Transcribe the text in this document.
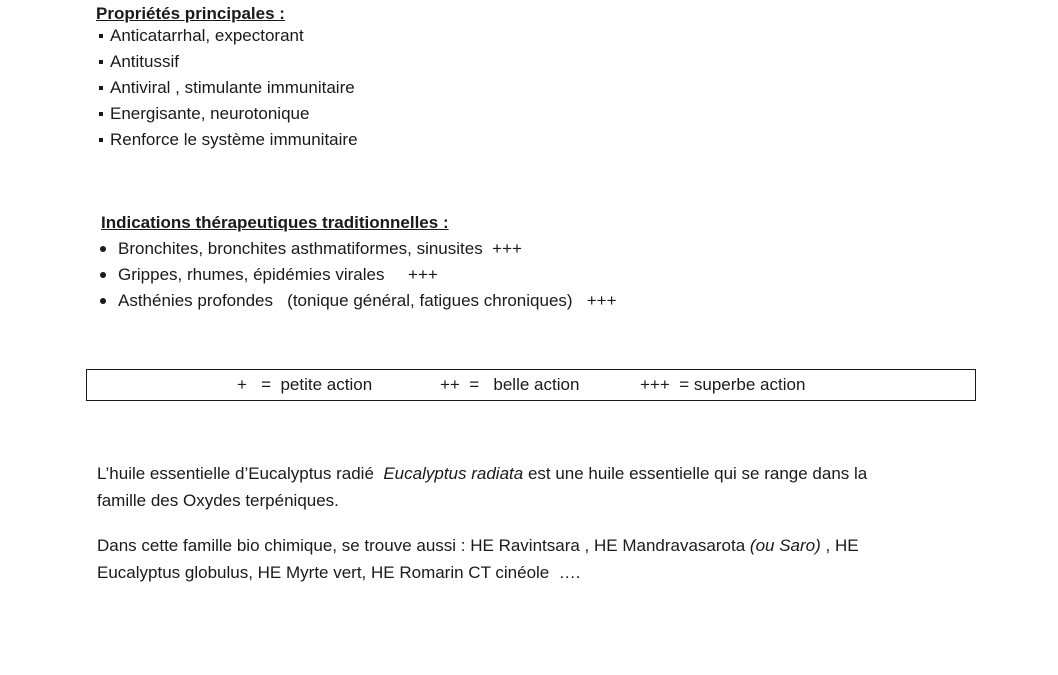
Propriétés principales :
Anticatarrhal, expectorant
Antitussif
Antiviral , stimulante immunitaire
Energisante, neurotonique
Renforce le système immunitaire
Indications thérapeutiques traditionnelles :
Bronchites, bronchites asthmatiformes, sinusites  +++
Grippes, rhumes, épidémies virales     +++
Asthénies profondes   (tonique général, fatigues chroniques)   +++
+   =  petite action	++  =   belle action	+++  = superbe action
L’huile essentielle d’Eucalyptus radié  Eucalyptus radiata est une huile essentielle qui se range dans la
famille des Oxydes terpéniques.
Dans cette famille bio chimique, se trouve aussi : HE Ravintsara , HE Mandravasarota (ou Saro) , HE
Eucalyptus globulus, HE Myrte vert, HE Romarin CT cinéole  ….
